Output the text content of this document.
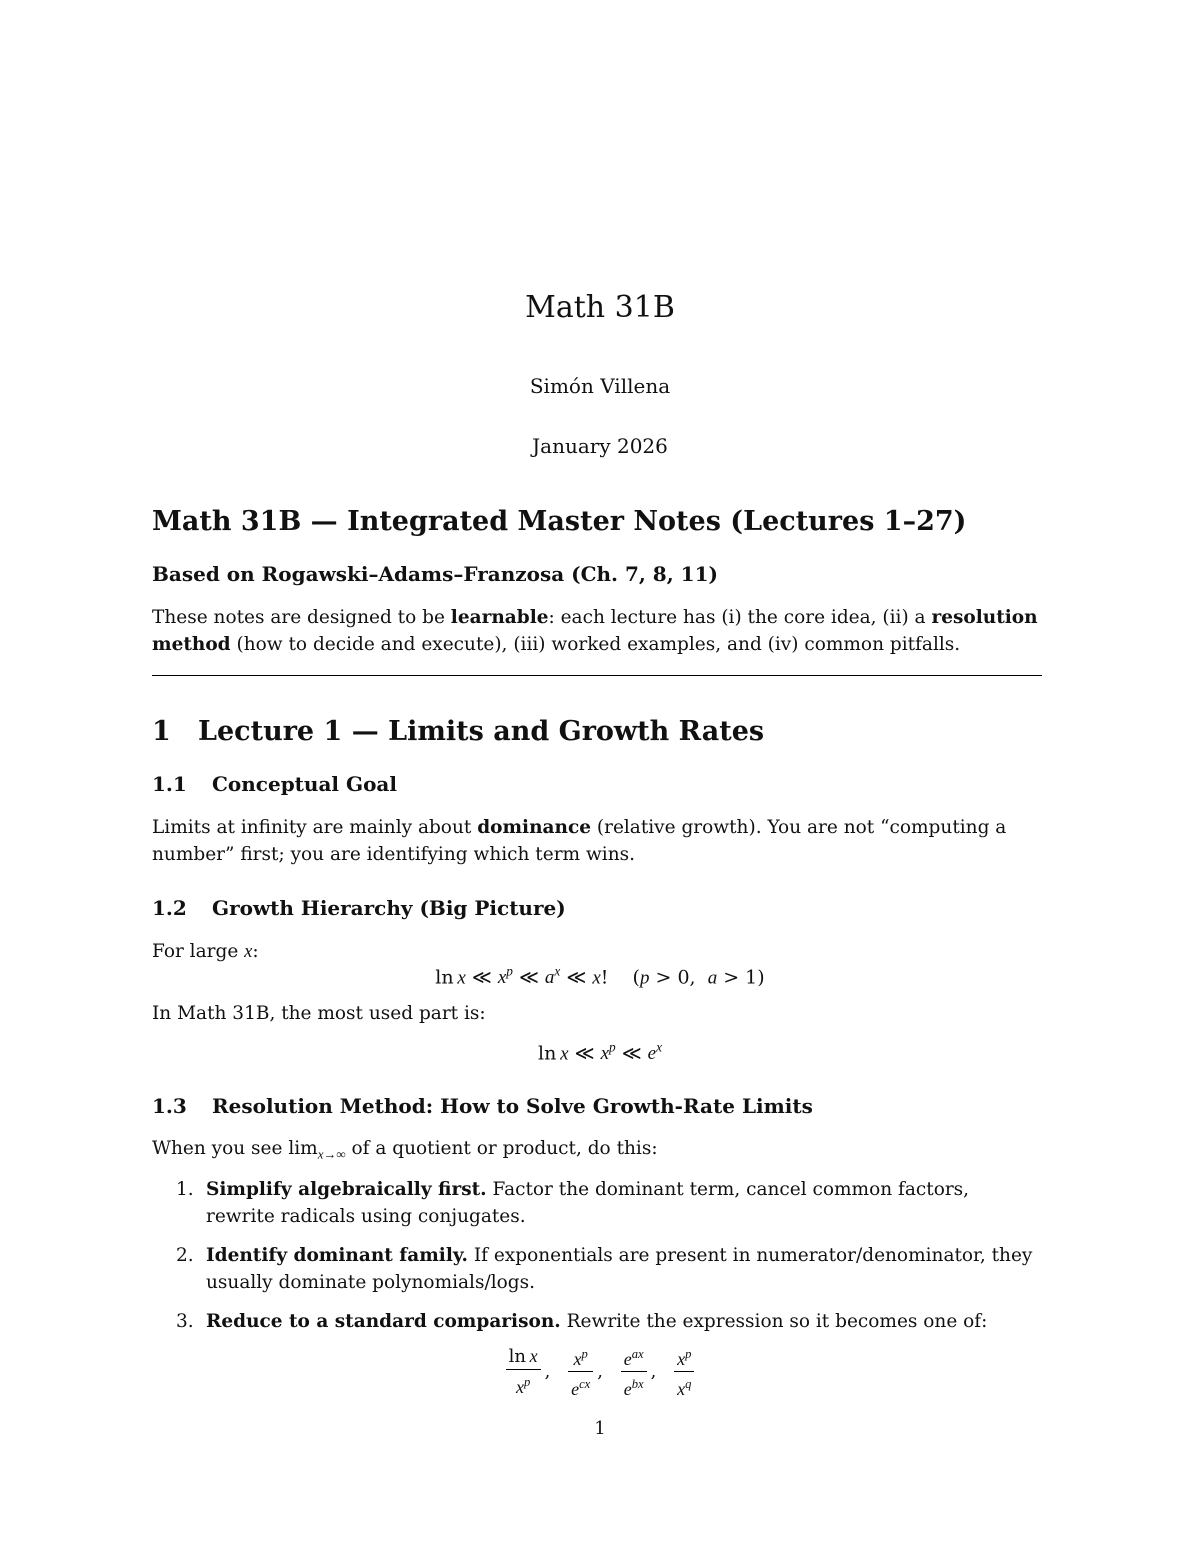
Math 31B
Simón Villena
January 2026
Math 31B — Integrated Master Notes (Lectures 1–27)
Based on Rogawski–Adams–Franzosa (Ch. 7, 8, 11)
These notes are designed to be learnable: each lecture has (i) the core idea, (ii) a resolution method (how to decide and execute), (iii) worked examples, and (iv) common pitfalls.
1 Lecture 1 — Limits and Growth Rates
1.1 Conceptual Goal
Limits at infinity are mainly about dominance (relative growth). You are not “computing a number” first; you are identifying which term wins.
1.2 Growth Hierarchy (Big Picture)
For large x:
ln  x ≪ $x^p$ ≪ $a^x$ ≪ x!    (p > 0,  a > 1)
In Math 31B, the most used part is:
ln  x ≪ $x^p$ ≪ $e^x$
1.3 Resolution Method: How to Solve Growth-Rate Limits
When you see $\lim_{x\to\infty}$ of a quotient or product, do this:
1. Simplify algebraically first. Factor the dominant term, cancel common factors, rewrite radicals using conjugates.
2. Identify dominant family. If exponentials are present in numerator/denominator, they usually dominate polynomials/logs.
3. Reduce to a standard comparison. Rewrite the expression so it becomes one of:
$\frac{\text{ln  x}}{x^p}$ , $\frac{x^p}{e^{cx}}$ , $\frac{e^{ax}}{e^{bx}}$ , $\frac{x^p}{x^q}$
1
